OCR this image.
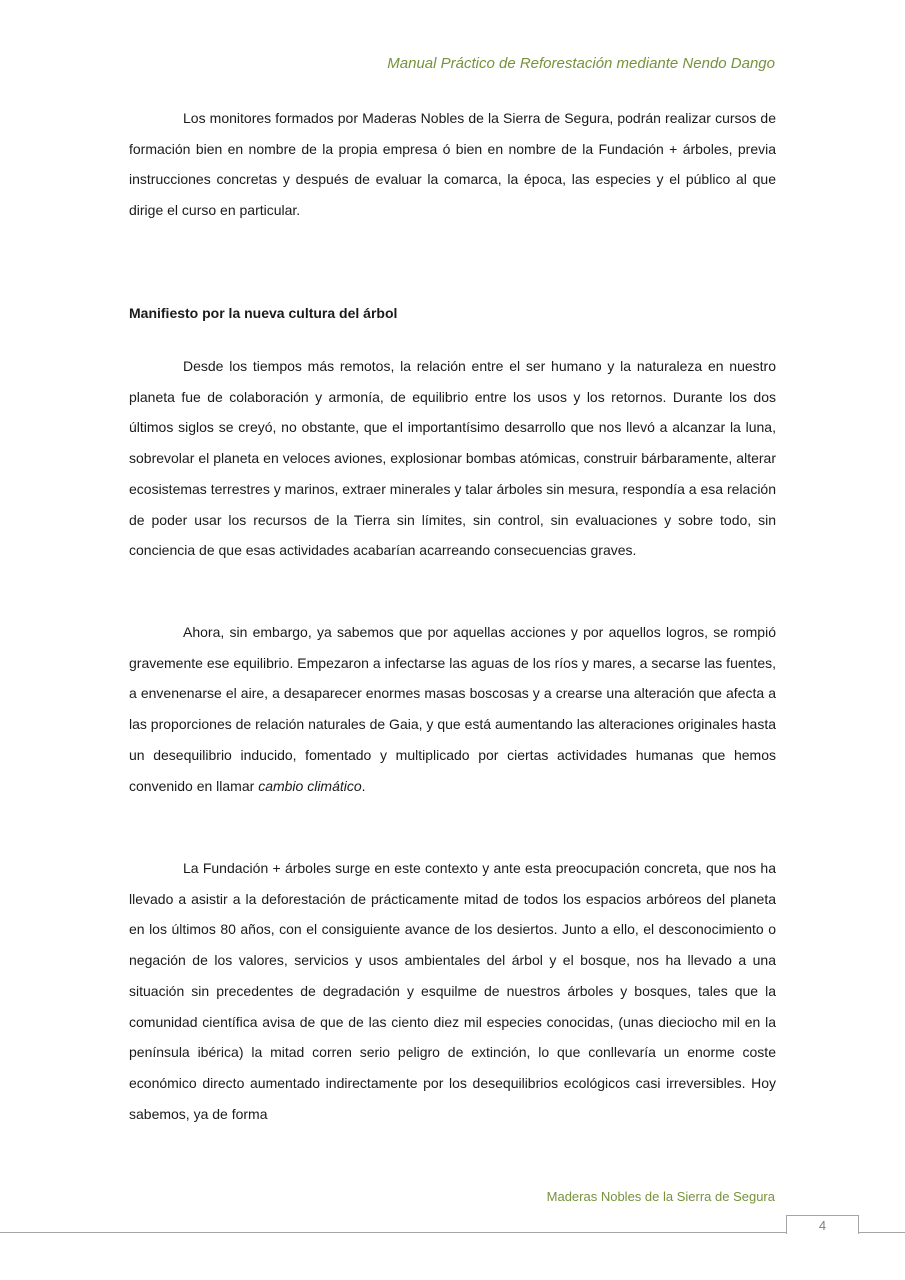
Manual Práctico de Reforestación mediante Nendo Dango

Los monitores formados por Maderas Nobles de la Sierra de Segura, podrán realizar cursos de formación bien en nombre de la propia empresa ó bien en nombre de la Fundación + árboles, previa instrucciones concretas y después de evaluar la comarca, la época, las especies y el público al que dirige el curso en particular.

Manifiesto por la nueva cultura del árbol

Desde los tiempos más remotos, la relación entre el ser humano y la naturaleza en nuestro planeta fue de colaboración y armonía, de equilibrio entre los usos y los retornos. Durante los dos últimos siglos se creyó, no obstante, que el importantísimo desarrollo que nos llevó a alcanzar la luna, sobrevolar el planeta en veloces aviones, explosionar bombas atómicas, construir bárbaramente, alterar ecosistemas terrestres y marinos, extraer minerales y talar árboles sin mesura, respondía a esa relación de poder usar los recursos de la Tierra sin límites, sin control, sin evaluaciones y sobre todo, sin conciencia de que esas actividades acabarían acarreando consecuencias graves.

Ahora, sin embargo, ya sabemos que por aquellas acciones y por aquellos logros, se rompió gravemente ese equilibrio. Empezaron a infectarse las aguas de los ríos y mares, a secarse las fuentes, a envenenarse el aire, a desaparecer enormes masas boscosas y a crearse una alteración que afecta a las proporciones de relación naturales de Gaia, y que está aumentando las alteraciones originales hasta un desequilibrio inducido, fomentado y multiplicado por ciertas actividades humanas que hemos convenido en llamar cambio climático.

La Fundación + árboles surge en este contexto y ante esta preocupación concreta, que nos ha llevado a asistir a la deforestación de prácticamente mitad de todos los espacios arbóreos del planeta en los últimos 80 años, con el consiguiente avance de los desiertos. Junto a ello, el desconocimiento o negación de los valores, servicios y usos ambientales del árbol y el bosque, nos ha llevado a una situación sin precedentes de degradación y esquilme de nuestros árboles y bosques, tales que la comunidad científica avisa de que de las ciento diez mil especies conocidas, (unas dieciocho mil en la península ibérica) la mitad corren serio peligro de extinción, lo que conllevaría un enorme coste económico directo aumentado indirectamente por los desequilibrios ecológicos casi irreversibles. Hoy sabemos, ya de forma

Maderas Nobles de la Sierra de Segura
4
